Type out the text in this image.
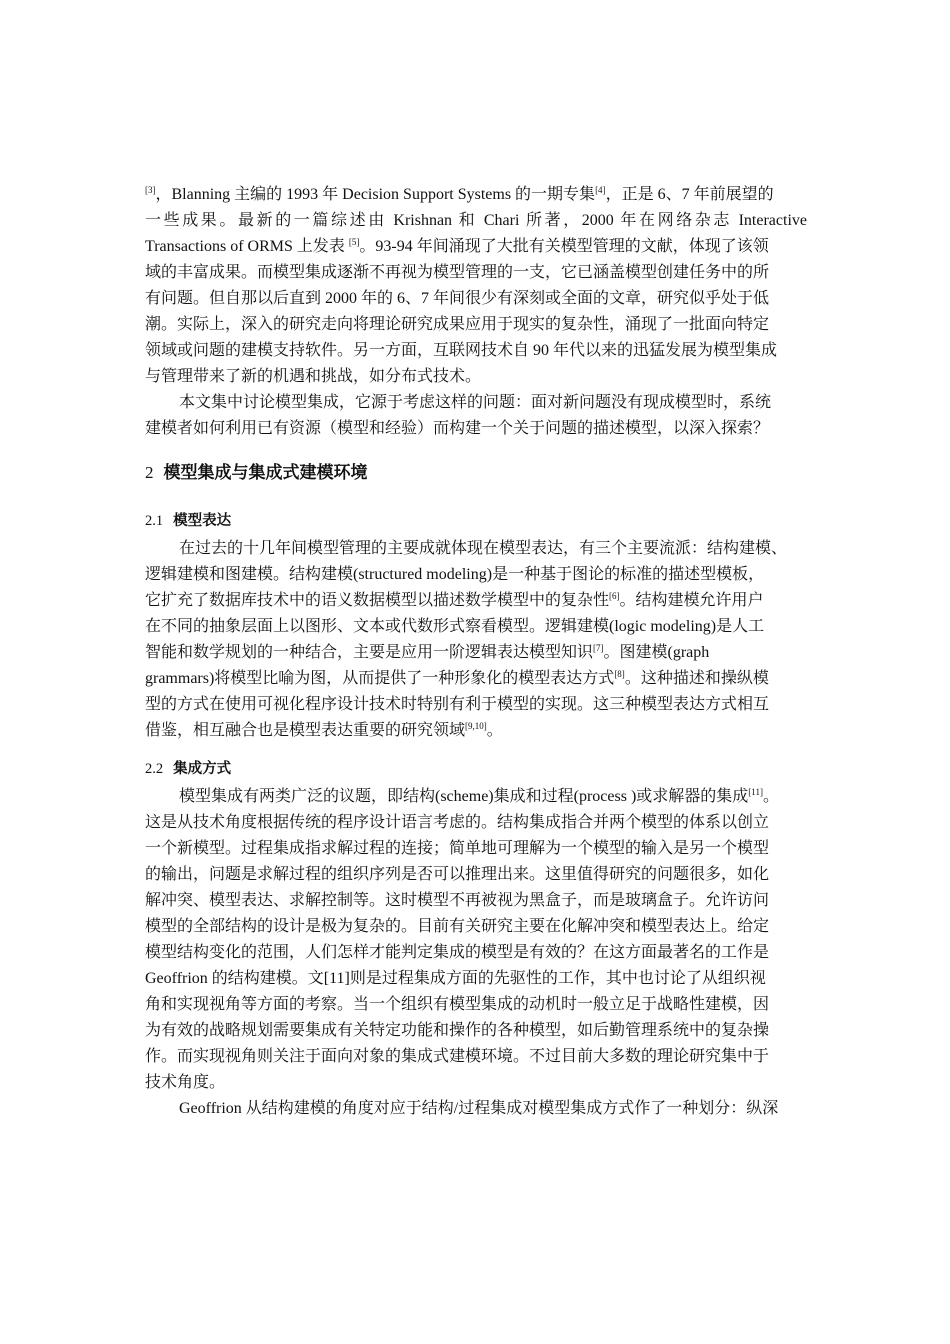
[3]，Blanning 主编的 1993 年 Decision Support Systems 的一期专集[4]，正是 6、7 年前展望的
一些成果。最新的一篇综述由 Krishnan 和 Chari 所著，2000 年在网络杂志 Interactive
Transactions of ORMS 上发表 [5]。93-94 年间涌现了大批有关模型管理的文献，体现了该领
域的丰富成果。而模型集成逐渐不再视为模型管理的一支，它已涵盖模型创建任务中的所
有问题。但自那以后直到 2000 年的 6、7 年间很少有深刻或全面的文章，研究似乎处于低
潮。实际上，深入的研究走向将理论研究成果应用于现实的复杂性，涌现了一批面向特定
领域或问题的建模支持软件。另一方面，互联网技术自 90 年代以来的迅猛发展为模型集成
与管理带来了新的机遇和挑战，如分布式技术。
本文集中讨论模型集成，它源于考虑这样的问题：面对新问题没有现成模型时，系统
建模者如何利用已有资源（模型和经验）而构建一个关于问题的描述模型，以深入探索？
2 模型集成与集成式建模环境
2.1 模型表达
在过去的十几年间模型管理的主要成就体现在模型表达，有三个主要流派：结构建模、
逻辑建模和图建模。结构建模(structured modeling)是一种基于图论的标准的描述型模板，
它扩充了数据库技术中的语义数据模型以描述数学模型中的复杂性[6]。结构建模允许用户
在不同的抽象层面上以图形、文本或代数形式察看模型。逻辑建模(logic modeling)是人工
智能和数学规划的一种结合，主要是应用一阶逻辑表达模型知识[7]。图建模(graph
grammars)将模型比喻为图，从而提供了一种形象化的模型表达方式[8]。这种描述和操纵模
型的方式在使用可视化程序设计技术时特别有利于模型的实现。这三种模型表达方式相互
借鉴，相互融合也是模型表达重要的研究领域[9,10]。
2.2 集成方式
模型集成有两类广泛的议题，即结构(scheme)集成和过程(process )或求解器的集成[11]。
这是从技术角度根据传统的程序设计语言考虑的。结构集成指合并两个模型的体系以创立
一个新模型。过程集成指求解过程的连接；简单地可理解为一个模型的输入是另一个模型
的输出，问题是求解过程的组织序列是否可以推理出来。这里值得研究的问题很多，如化
解冲突、模型表达、求解控制等。这时模型不再被视为黑盒子，而是玻璃盒子。允许访问
模型的全部结构的设计是极为复杂的。目前有关研究主要在化解冲突和模型表达上。给定
模型结构变化的范围，人们怎样才能判定集成的模型是有效的？在这方面最著名的工作是
Geoffrion 的结构建模。文[11]则是过程集成方面的先驱性的工作，其中也讨论了从组织视
角和实现视角等方面的考察。当一个组织有模型集成的动机时一般立足于战略性建模，因
为有效的战略规划需要集成有关特定功能和操作的各种模型，如后勤管理系统中的复杂操
作。而实现视角则关注于面向对象的集成式建模环境。不过目前大多数的理论研究集中于
技术角度。
Geoffrion 从结构建模的角度对应于结构/过程集成对模型集成方式作了一种划分：纵深
